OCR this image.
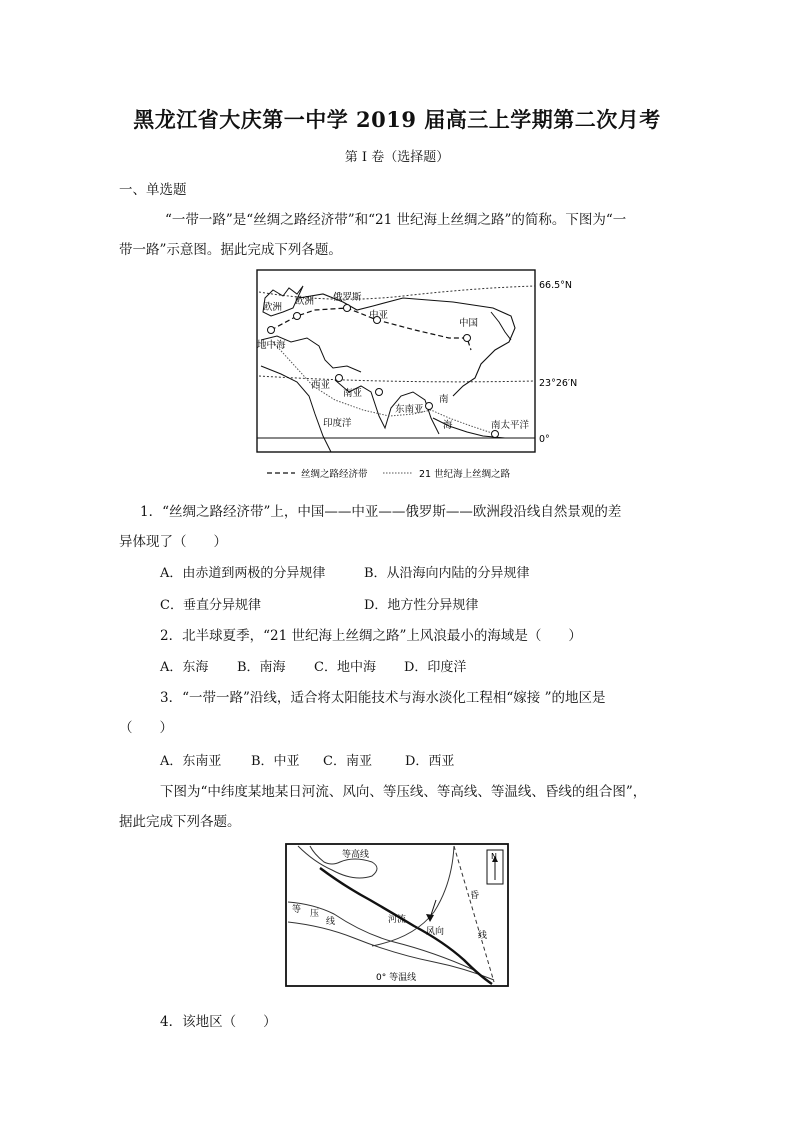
黑龙江省大庆第一中学 2019 届高三上学期第二次月考
第 I 卷（选择题）
一、单选题
“一带一路”是“丝绸之路经济带”和“21 世纪海上丝绸之路”的简称。下图为“一
带一路”示意图。据此完成下列各题。
66.5°N
23°26′N
0°
欧洲
欧洲 俄罗斯
中亚
中国
地中海
西亚
南亚
东南亚
南
海
印度洋	南太平洋
丝绸之路经济带	21 世纪海上丝绸之路
1．“丝绸之路经济带”上，中国——中亚——俄罗斯——欧洲段沿线自然景观的差
异体现了（　　）
A．由赤道到两极的分异规律	B．从沿海向内陆的分异规律
C．垂直分异规律	D．地方性分异规律
2．北半球夏季，“21 世纪海上丝绸之路”上风浪最小的海域是（　　）
A．东海 B．南海 C．地中海 D．印度洋
3．“一带一路”沿线，适合将太阳能技术与海水淡化工程相“嫁接 ”的地区是
（　　）
A．东南亚 B．中亚 C．南亚	D．西亚
下图为“中纬度某地某日河流、风向、等压线、等高线、等温线、昏线的组合图”，
据此完成下列各题。
N
等高线
等 压
线	河流
昏
风向	线
0° 等温线
4．该地区（　　）
